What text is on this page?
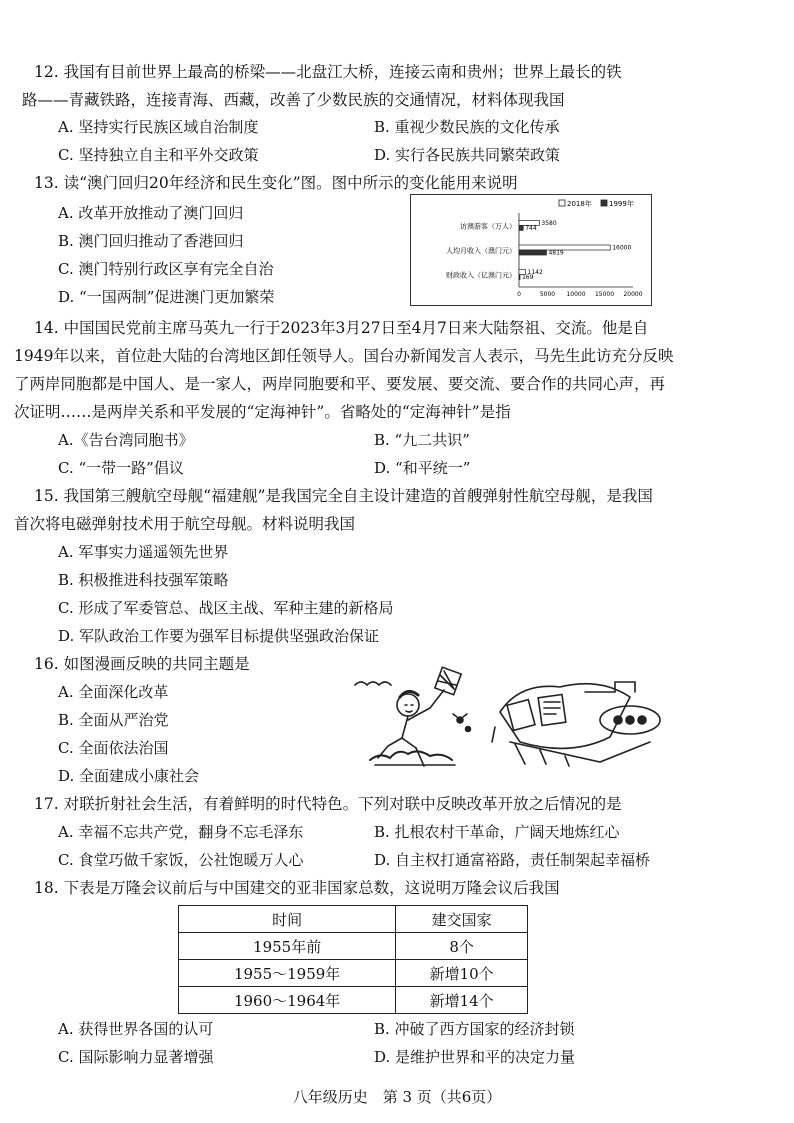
12. 我国有目前世界上最高的桥梁——北盘江大桥，连接云南和贵州；世界上最长的铁
路——青藏铁路，连接青海、西藏，改善了少数民族的交通情况，材料体现我国
A. 坚持实行民族区域自治制度	B. 重视少数民族的文化传承
C. 坚持独立自主和平外交政策	D. 实行各民族共同繁荣政策
13. 读“澳门回归20年经济和民生变化”图。图中所示的变化能用来说明
A. 改革开放推动了澳门回归
B. 澳门回归推动了香港回归
C. 澳门特别行政区享有完全自治
D. “一国两制”促进澳门更加繁荣
2018年 1999年
0	5000 10000 15000 20000
访澳游客（万人）	3580
744
人均月收入（澳门元）	16000
4819
财政收入（亿澳门元） 1142
169
14. 中国国民党前主席马英九一行于2023年3月27日至4月7日来大陆祭祖、交流。他是自
1949年以来，首位赴大陆的台湾地区卸任领导人。国台办新闻发言人表示，马先生此访充分反映
了两岸同胞都是中国人、是一家人，两岸同胞要和平、要发展、要交流、要合作的共同心声，再
次证明……是两岸关系和平发展的“定海神针”。省略处的“定海神针”是指
A.《告台湾同胞书》	B. “九二共识”
C. “一带一路”倡议	D. “和平统一”
15. 我国第三艘航空母舰“福建舰”是我国完全自主设计建造的首艘弹射性航空母舰，是我国
首次将电磁弹射技术用于航空母舰。材料说明我国
A. 军事实力遥遥领先世界
B. 积极推进科技强军策略
C. 形成了军委管总、战区主战、军种主建的新格局
D. 军队政治工作要为强军目标提供坚强政治保证
16. 如图漫画反映的共同主题是
A. 全面深化改革
B. 全面从严治党
C. 全面依法治国
D. 全面建成小康社会
17. 对联折射社会生活，有着鲜明的时代特色。下列对联中反映改革开放之后情况的是
A. 幸福不忘共产党，翻身不忘毛泽东	B. 扎根农村干革命，广阔天地炼红心
C. 食堂巧做千家饭，公社饱暖万人心	D. 自主权打通富裕路，责任制架起幸福桥
18. 下表是万隆会议前后与中国建交的亚非国家总数，这说明万隆会议后我国
时间	建交国家
1955年前	8个
1955～1959年	新增10个
1960～1964年	新增14个
A. 获得世界各国的认可	B. 冲破了西方国家的经济封锁
C. 国际影响力显著增强	D. 是维护世界和平的决定力量
八年级历史　第 3 页（共6页）
